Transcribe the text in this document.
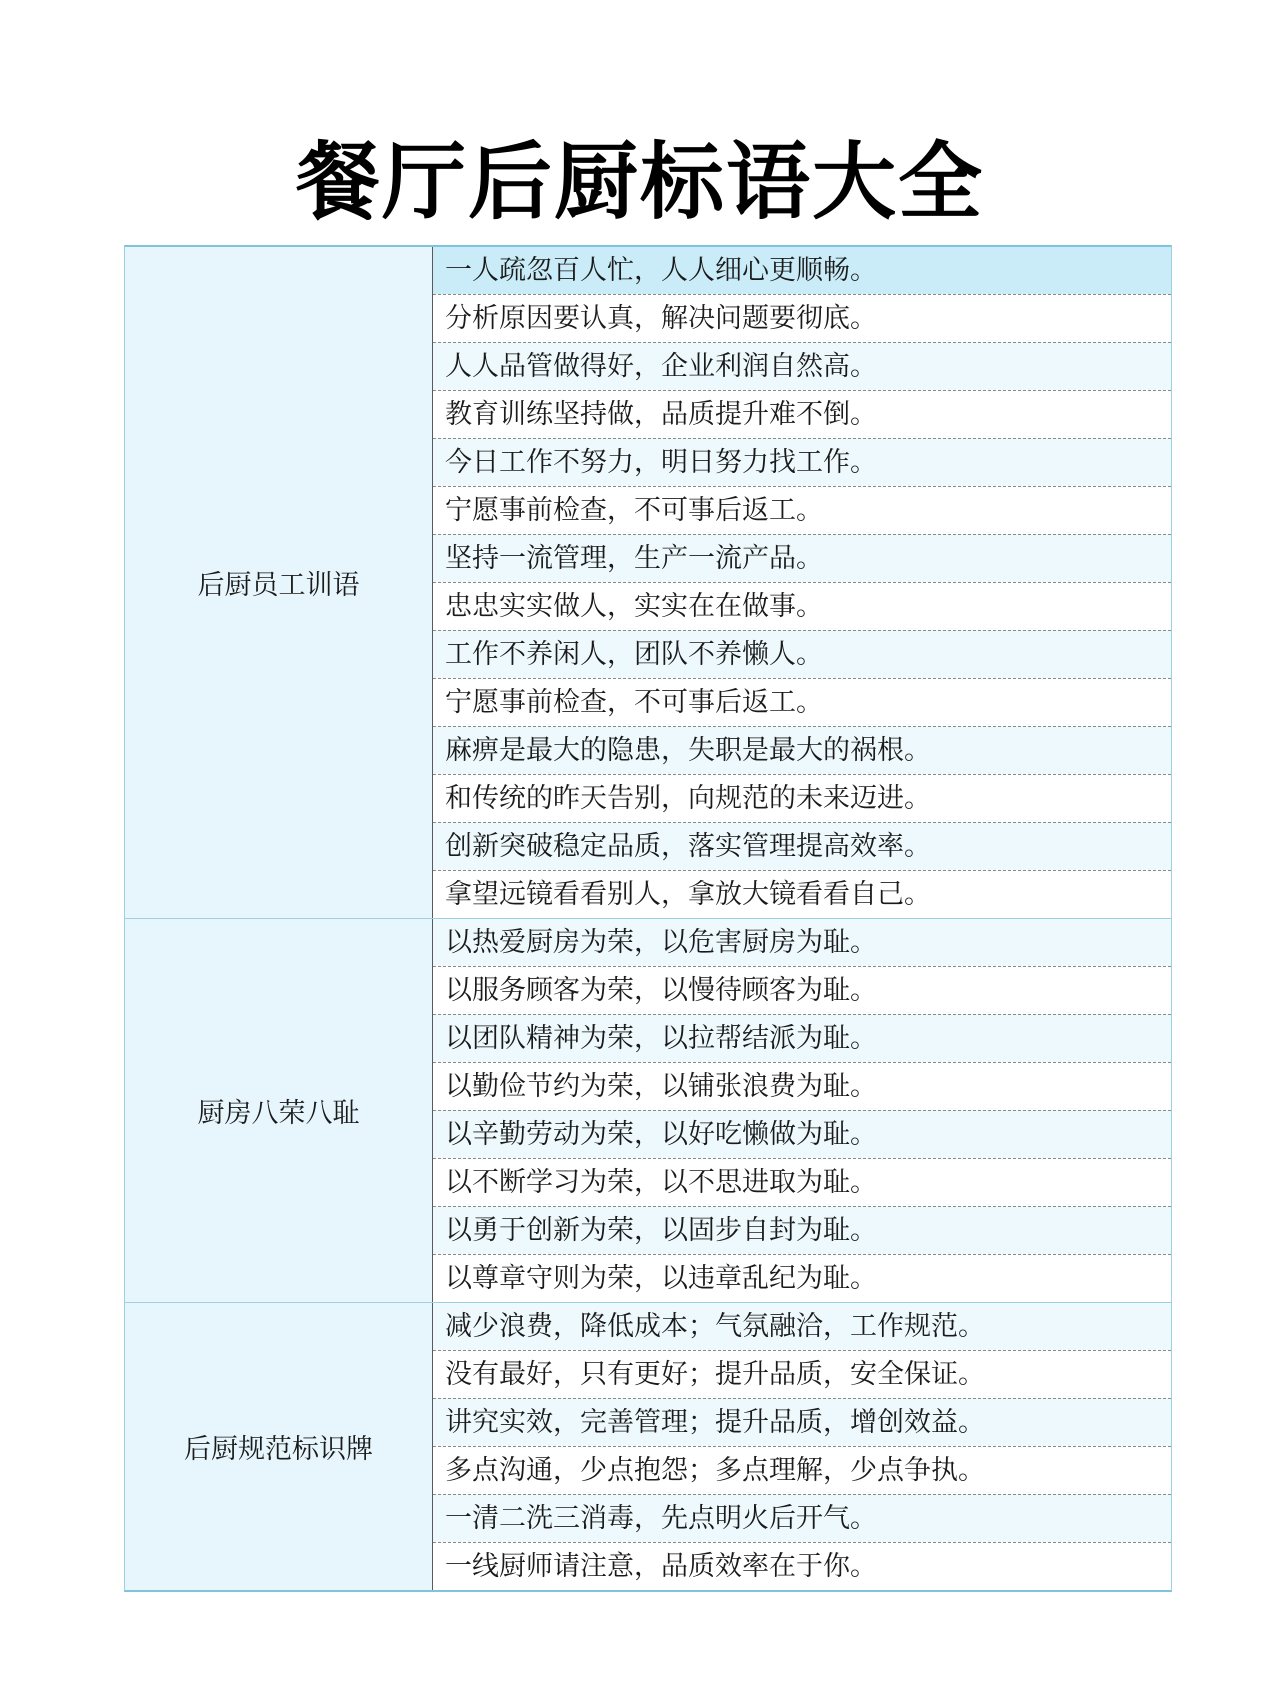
餐厅后厨标语大全
后厨员工训语
一人疏忽百人忙，人人细心更顺畅。
分析原因要认真，解决问题要彻底。
人人品管做得好，企业利润自然高。
教育训练坚持做，品质提升难不倒。
今日工作不努力，明日努力找工作。
宁愿事前检查，不可事后返工。
坚持一流管理，生产一流产品。
忠忠实实做人，实实在在做事。
工作不养闲人，团队不养懒人。
宁愿事前检查，不可事后返工。
麻痹是最大的隐患，失职是最大的祸根。
和传统的昨天告别，向规范的未来迈进。
创新突破稳定品质，落实管理提高效率。
拿望远镜看看别人，拿放大镜看看自己。
厨房八荣八耻
以热爱厨房为荣，以危害厨房为耻。
以服务顾客为荣，以慢待顾客为耻。
以团队精神为荣，以拉帮结派为耻。
以勤俭节约为荣，以铺张浪费为耻。
以辛勤劳动为荣，以好吃懒做为耻。
以不断学习为荣，以不思进取为耻。
以勇于创新为荣，以固步自封为耻。
以尊章守则为荣，以违章乱纪为耻。
后厨规范标识牌
减少浪费，降低成本；气氛融洽，工作规范。
没有最好，只有更好；提升品质，安全保证。
讲究实效，完善管理；提升品质，增创效益。
多点沟通，少点抱怨；多点理解，少点争执。
一清二洗三消毒，先点明火后开气。
一线厨师请注意，品质效率在于你。
